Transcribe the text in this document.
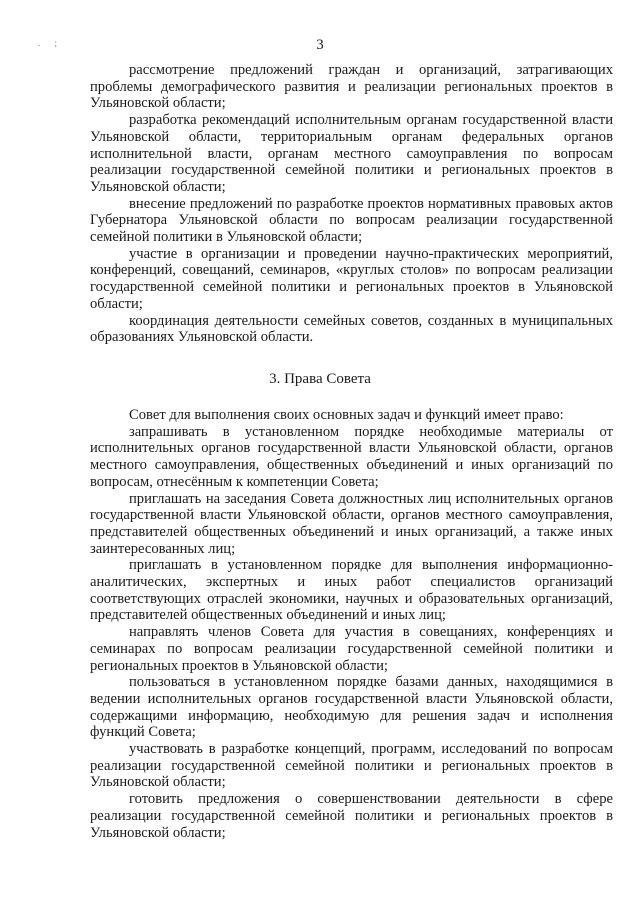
. ;	3

рассмотрение предложений граждан и организаций, затрагивающих проблемы демографического развития и реализации региональных проектов в Ульяновской области;

разработка рекомендаций исполнительным органам государственной власти Ульяновской области, территориальным органам федеральных органов исполнительной власти, органам местного самоуправления по вопросам реализации государственной семейной политики и региональных проектов в Ульяновской области;

внесение предложений по разработке проектов нормативных правовых актов Губернатора Ульяновской области по вопросам реализации государственной семейной политики в Ульяновской области;

участие в организации и проведении научно-практических мероприятий, конференций, совещаний, семинаров, «круглых столов» по вопросам реализации государственной семейной политики и региональных проектов в Ульяновской области;

координация деятельности семейных советов, созданных в муниципальных образованиях Ульяновской области.

3. Права Совета

Совет для выполнения своих основных задач и функций имеет право:

запрашивать в установленном порядке необходимые материалы от исполнительных органов государственной власти Ульяновской области, органов местного самоуправления, общественных объединений и иных организаций по вопросам, отнесённым к компетенции Совета;

приглашать на заседания Совета должностных лиц исполнительных органов государственной власти Ульяновской области, органов местного самоуправления, представителей общественных объединений и иных организаций, а также иных заинтересованных лиц;

приглашать в установленном порядке для выполнения информационно-аналитических, экспертных и иных работ специалистов организаций соответствующих отраслей экономики, научных и образовательных организаций, представителей общественных объединений и иных лиц;

направлять членов Совета для участия в совещаниях, конференциях и семинарах по вопросам реализации государственной семейной политики и региональных проектов в Ульяновской области;

пользоваться в установленном порядке базами данных, находящимися в ведении исполнительных органов государственной власти Ульяновской области, содержащими информацию, необходимую для решения задач и исполнения функций Совета;

участвовать в разработке концепций, программ, исследований по вопросам реализации государственной семейной политики и региональных проектов в Ульяновской области;

готовить предложения о совершенствовании деятельности в сфере реализации государственной семейной политики и региональных проектов в Ульяновской области;
